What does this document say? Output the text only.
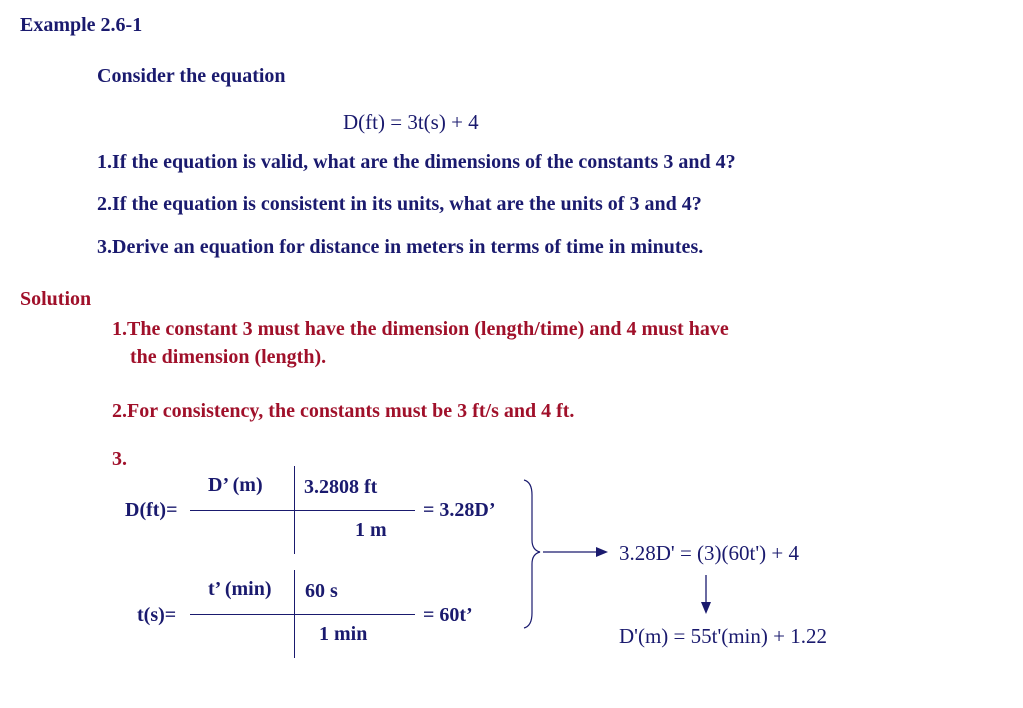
Example 2.6-1
Consider the equation
D(ft) = 3t(s) + 4
1.If the equation is valid, what are the dimensions of the constants 3 and 4?
2.If the equation is consistent in its units, what are the units of 3 and 4?
3.Derive an equation for distance in meters in terms of time in minutes.
Solution
1.The constant 3 must have the dimension (length/time) and 4 must have
the dimension (length).
2.For consistency, the constants must be 3 ft/s and 4 ft.
3.
D(ft)=
D’ (m) 3.2808 ft
1 m
= 3.28D’
t(s)=
t’ (min) 60 s
1 min
= 60t’
3.28D' = (3)(60t') + 4
D'(m) = 55t'(min) + 1.22
